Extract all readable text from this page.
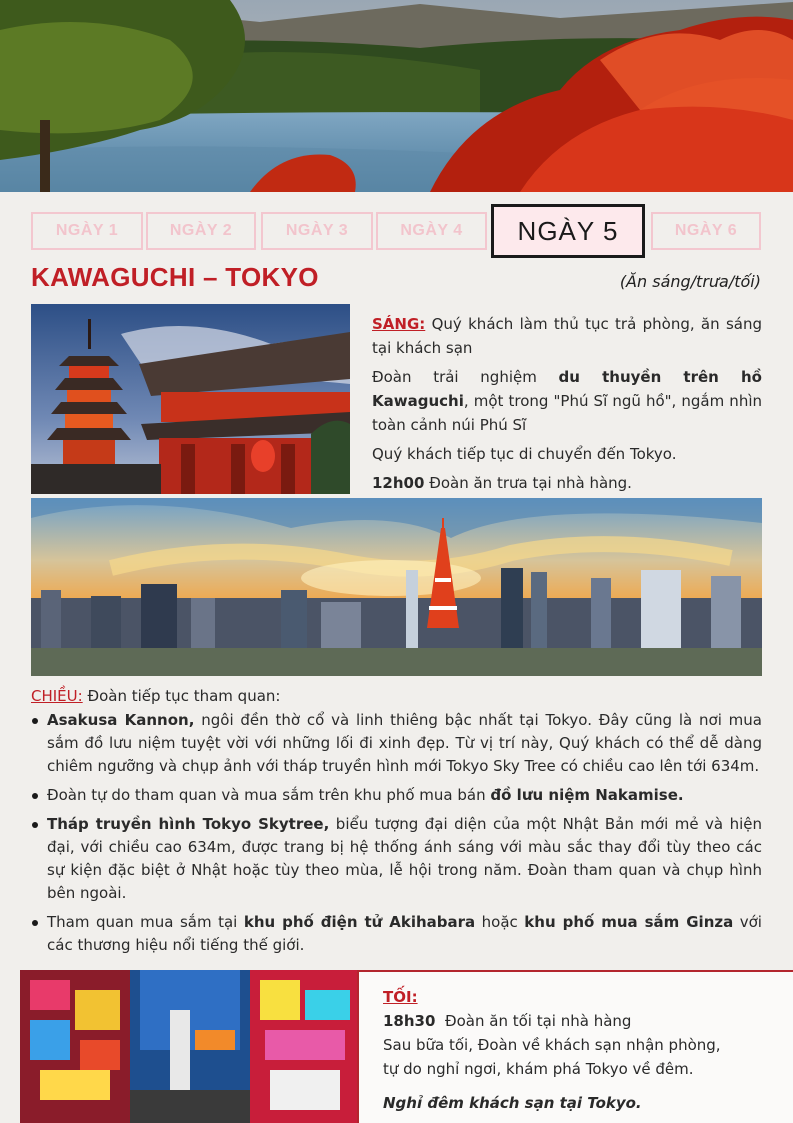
NGÀY 1	NGÀY 2	NGÀY 3	NGÀY 4	NGÀY 5	NGÀY 6
KAWAGUCHI – TOKYO	(Ăn sáng/trưa/tối)

SÁNG: Quý khách làm thủ tục trả phòng, ăn sáng tại khách sạn

Đoàn trải nghiệm du thuyền trên hồ Kawaguchi, một trong "Phú Sĩ ngũ hồ", ngắm nhìn toàn cảnh núi Phú Sĩ

Quý khách tiếp tục di chuyển đến Tokyo.

12h00 Đoàn ăn trưa tại nhà hàng.

CHIỀU: Đoàn tiếp tục tham quan:
Asakusa Kannon, ngôi đền thờ cổ và linh thiêng bậc nhất tại Tokyo. Đây cũng là nơi mua sắm đồ lưu niệm tuyệt vời với những lối đi xinh đẹp. Từ vị trí này, Quý khách có thể dễ dàng chiêm ngưỡng và chụp ảnh với tháp truyền hình mới Tokyo Sky Tree có chiều cao lên tới 634m.
Đoàn tự do tham quan và mua sắm trên khu phố mua bán đồ lưu niệm Nakamise.
Tháp truyền hình Tokyo Skytree, biểu tượng đại diện của một Nhật Bản mới mẻ và hiện đại, với chiều cao 634m, được trang bị hệ thống ánh sáng với màu sắc thay đổi tùy theo các sự kiện đặc biệt ở Nhật hoặc tùy theo mùa, lễ hội trong năm. Đoàn tham quan và chụp hình bên ngoài.
Tham quan mua sắm tại khu phố điện tử Akihabara hoặc khu phố mua sắm Ginza với các thương hiệu nổi tiếng thế giới.
TỐI:
18h30 Đoàn ăn tối tại nhà hàng
Sau bữa tối, Đoàn về khách sạn nhận phòng,
tự do nghỉ ngơi, khám phá Tokyo về đêm.
Nghỉ đêm khách sạn tại Tokyo.
